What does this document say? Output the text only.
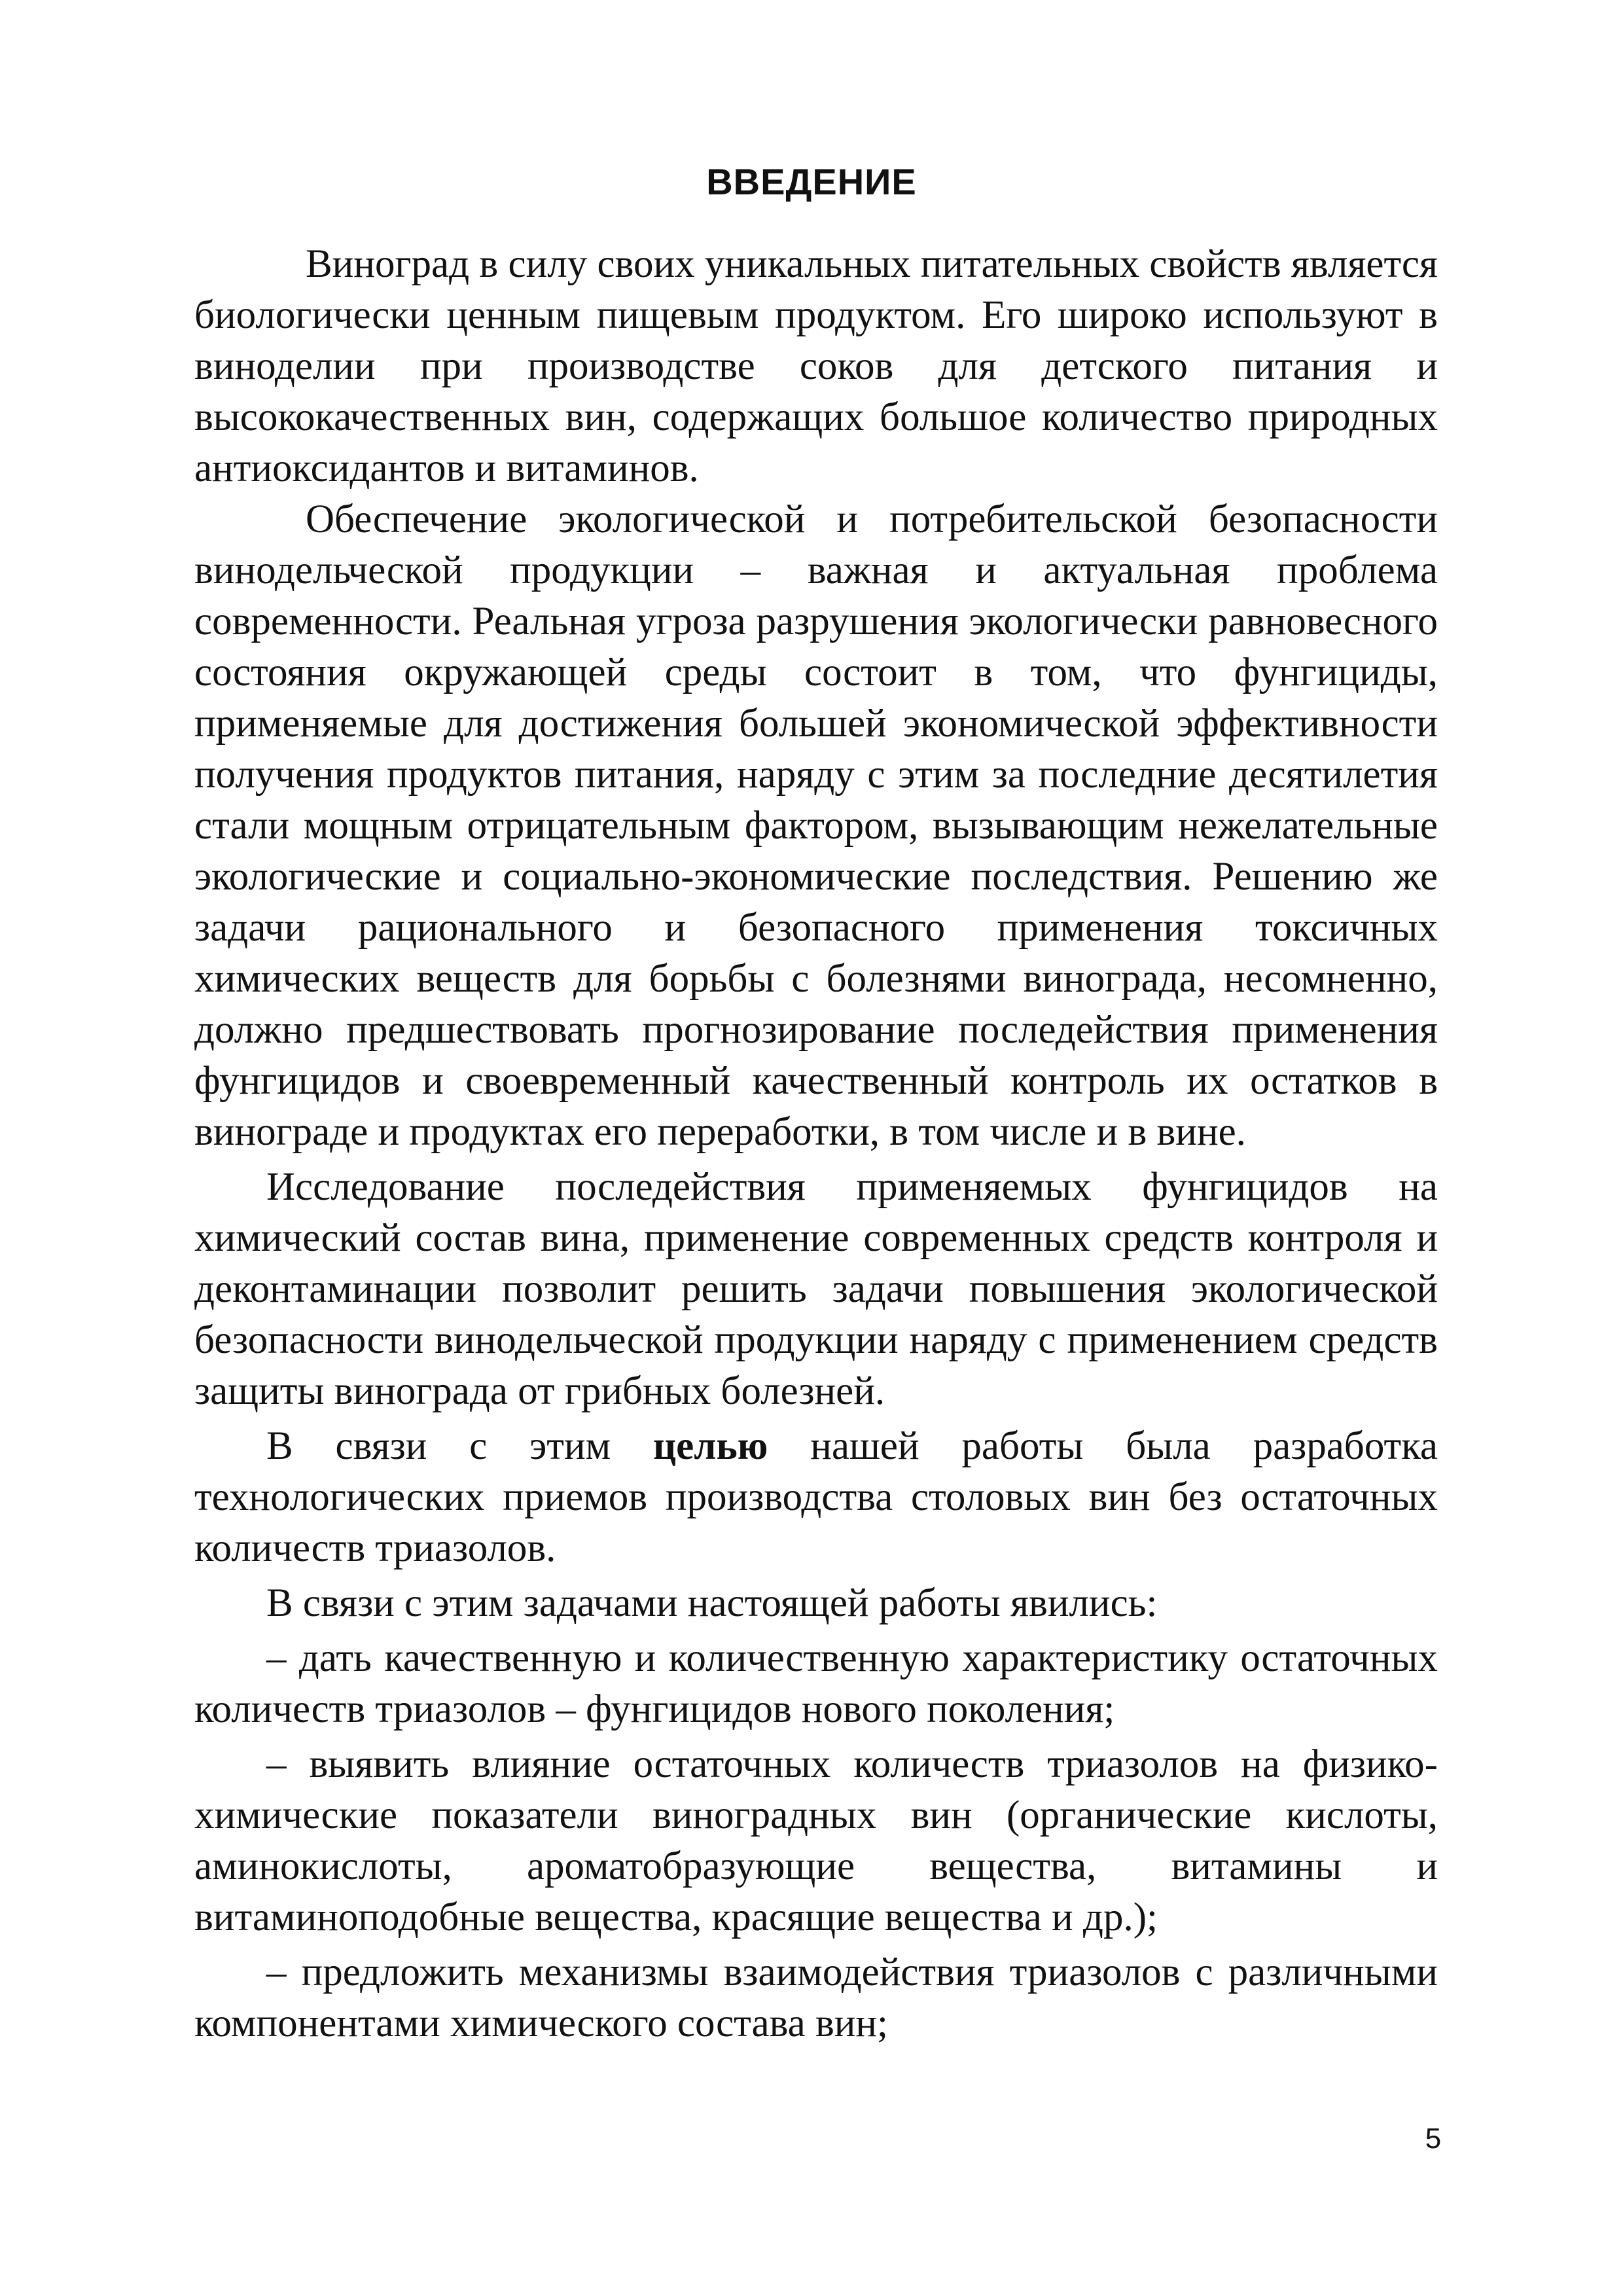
ВВЕДЕНИЕ

Виноград в силу своих уникальных питательных свойств является биологически ценным пищевым продуктом. Его широко используют в виноделии при производстве соков для детского питания и высококачественных вин, содержащих большое количество природных антиоксидантов и витаминов.

Обеспечение экологической и потребительской безопасности винодельческой продукции – важная и актуальная проблема современности. Реальная угроза разрушения экологически равновесного состояния окружающей среды состоит в том, что фунгициды, применяемые для достижения большей экономической эффективности получения продуктов питания, наряду с этим за последние десятилетия стали мощным отрицательным фактором, вызывающим нежелательные экологические и социально-экономические последствия. Решению же задачи рационального и безопасного применения токсичных химических веществ для борьбы с болезнями винограда, несомненно, должно предшествовать прогнозирование последействия применения фунгицидов и своевременный качественный контроль их остатков в винограде и продуктах его переработки, в том числе и в вине.

Исследование последействия применяемых фунгицидов на химический состав вина, применение современных средств контроля и деконтаминации позволит решить задачи повышения экологической безопасности винодельческой продукции наряду с применением средств защиты винограда от грибных болезней.

В связи с этим целью нашей работы была разработка технологических приемов производства столовых вин без остаточных количеств триазолов.

В связи с этим задачами настоящей работы явились:

– дать качественную и количественную характеристику остаточных количеств триазолов – фунгицидов нового поколения;

– выявить влияние остаточных количеств триазолов на физико-химические показатели виноградных вин (органические кислоты, аминокислоты, ароматобразующие вещества, витамины и витаминоподобные вещества, красящие вещества и др.);

– предложить механизмы взаимодействия триазолов с различными компонентами химического состава вин;

5
